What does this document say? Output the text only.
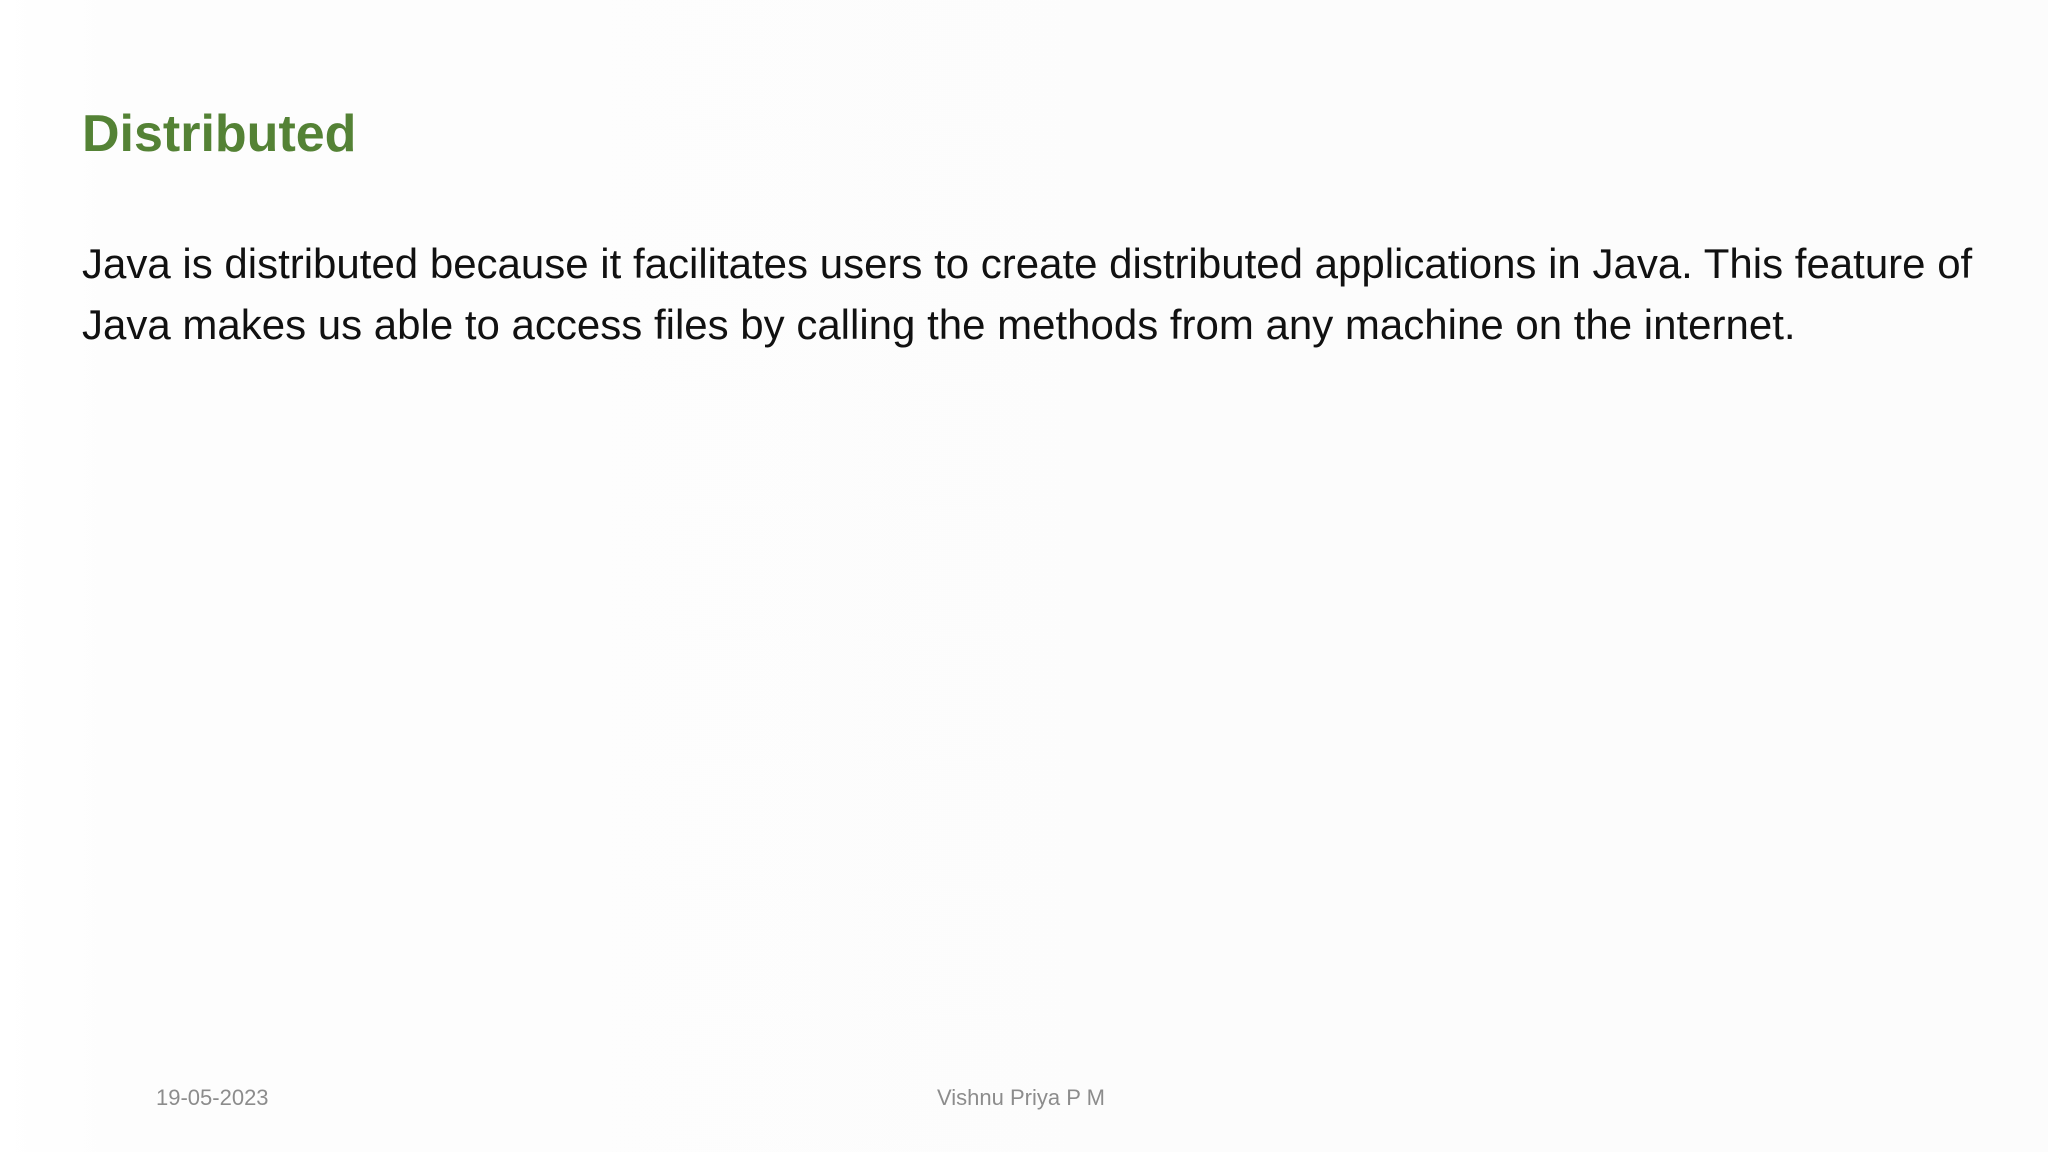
Distributed

Java is distributed because it facilitates users to create distributed applications in Java. This feature of Java makes us able to access files by calling the methods from any machine on the internet.

19-05-2023	Vishnu Priya P M
